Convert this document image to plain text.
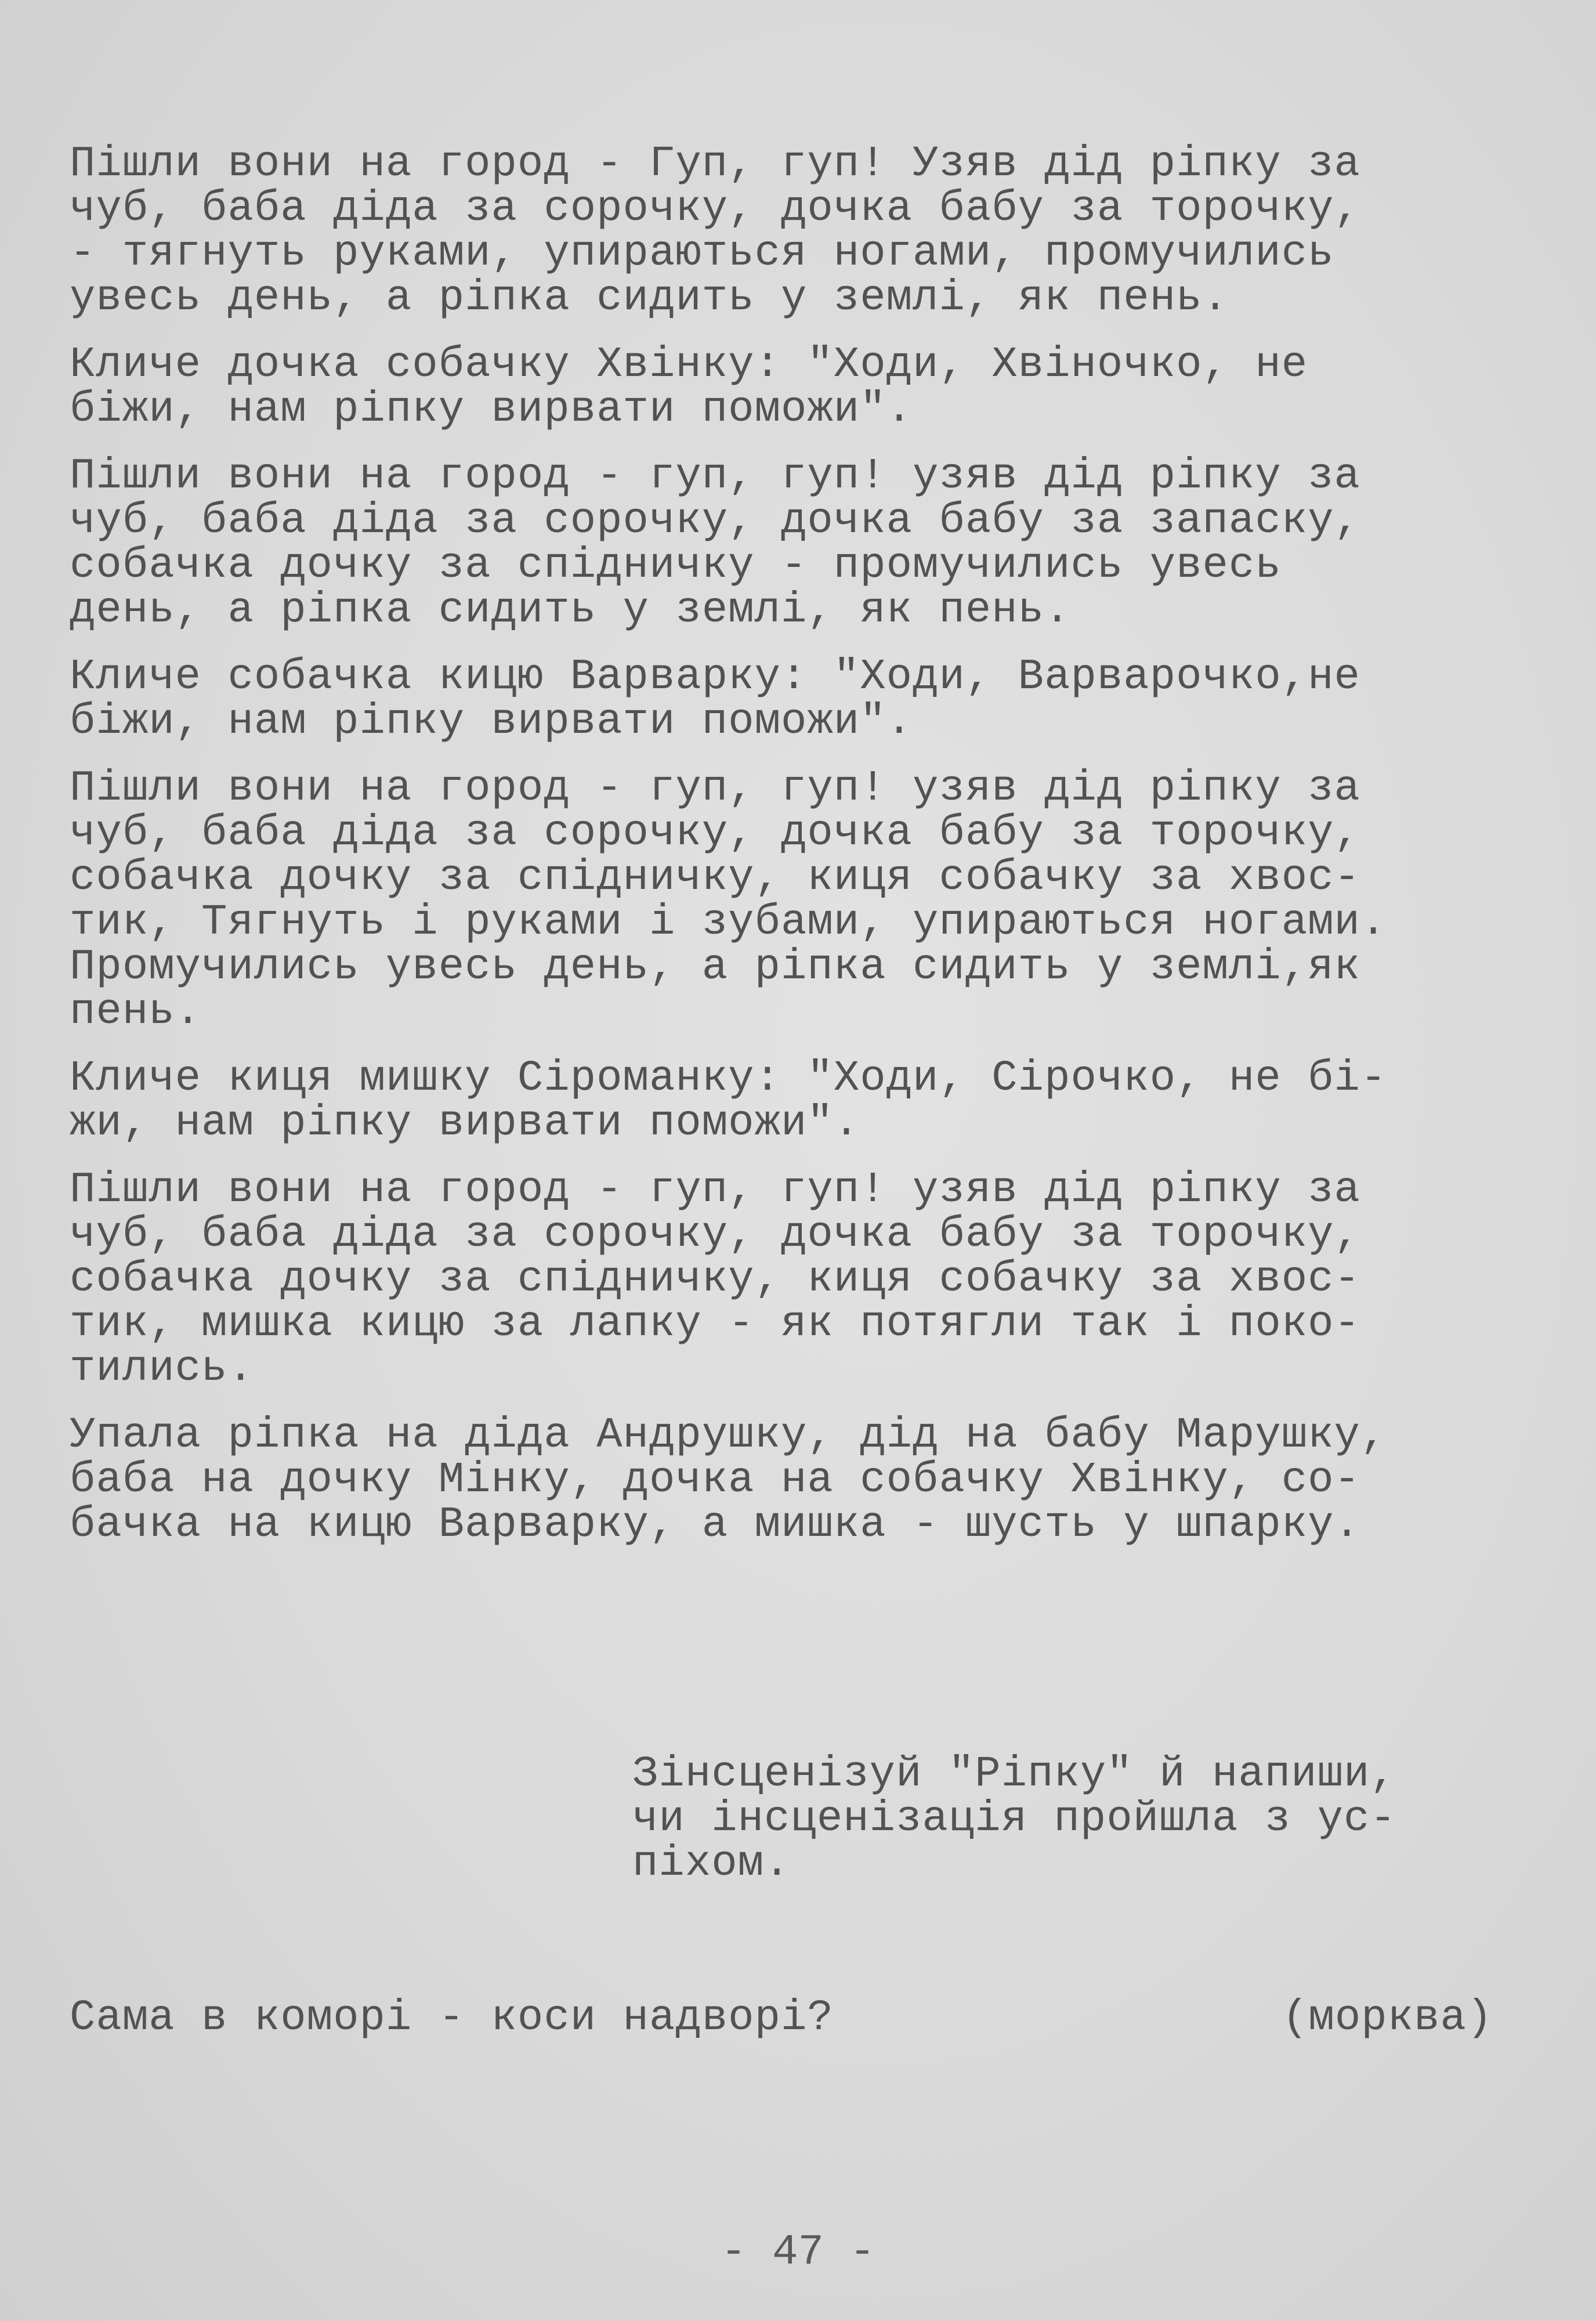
Пішли вони на город - Гуп, гуп! Узяв дід ріпку за
чуб, баба діда за сорочку, дочка бабу за торочку,
- тягнуть руками, упираються ногами, промучились
увесь день, а ріпка сидить у землі, як пень.
Кличе дочка собачку Хвінку: "Ходи, Хвіночко, не
біжи, нам ріпку вирвати поможи".
Пішли вони на город - гуп, гуп! узяв дід ріпку за
чуб, баба діда за сорочку, дочка бабу за запаску,
собачка дочку за спідничку - промучились увесь
день, а ріпка сидить у землі, як пень.
Кличе собачка кицю Варварку: "Ходи, Варварочко,не
біжи, нам ріпку вирвати поможи".
Пішли вони на город - гуп, гуп! узяв дід ріпку за
чуб, баба діда за сорочку, дочка бабу за торочку,
собачка дочку за спідничку, киця собачку за хвос-
тик, Тягнуть і руками і зубами, упираються ногами.
Промучились увесь день, а ріпка сидить у землі,як
пень.
Кличе киця мишку Сіроманку: "Ходи, Сірочко, не бі-
жи, нам ріпку вирвати поможи".
Пішли вони на город - гуп, гуп! узяв дід ріпку за
чуб, баба діда за сорочку, дочка бабу за торочку,
собачка дочку за спідничку, киця собачку за хвос-
тик, мишка кицю за лапку - як потягли так і поко-
тились.
Упала ріпка на діда Андрушку, дід на бабу Марушку,
баба на дочку Мінку, дочка на собачку Хвінку, со-
бачка на кицю Варварку, а мишка - шусть у шпарку.
Зінсценізуй "Ріпку" й напиши,
чи інсценізація пройшла з ус-
піхом.
Сама в коморі - коси надворі?	(морква)
- 47 -
